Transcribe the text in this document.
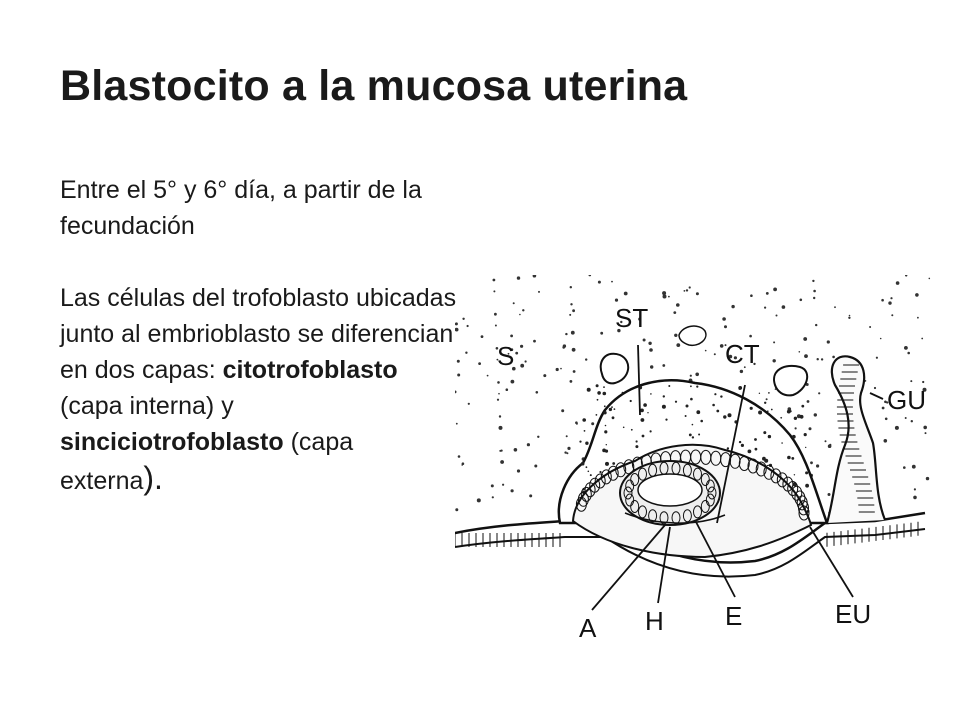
Blastocito a la mucosa uterina

Entre el 5° y 6° día, a partir de la fecundación

Las células del trofoblasto ubicadas junto al embrioblasto se diferencian en dos capas: citotrofoblasto (capa interna) y sinciciotrofoblasto (capa externa).

ST
S	CT
GU
A H E	EU
